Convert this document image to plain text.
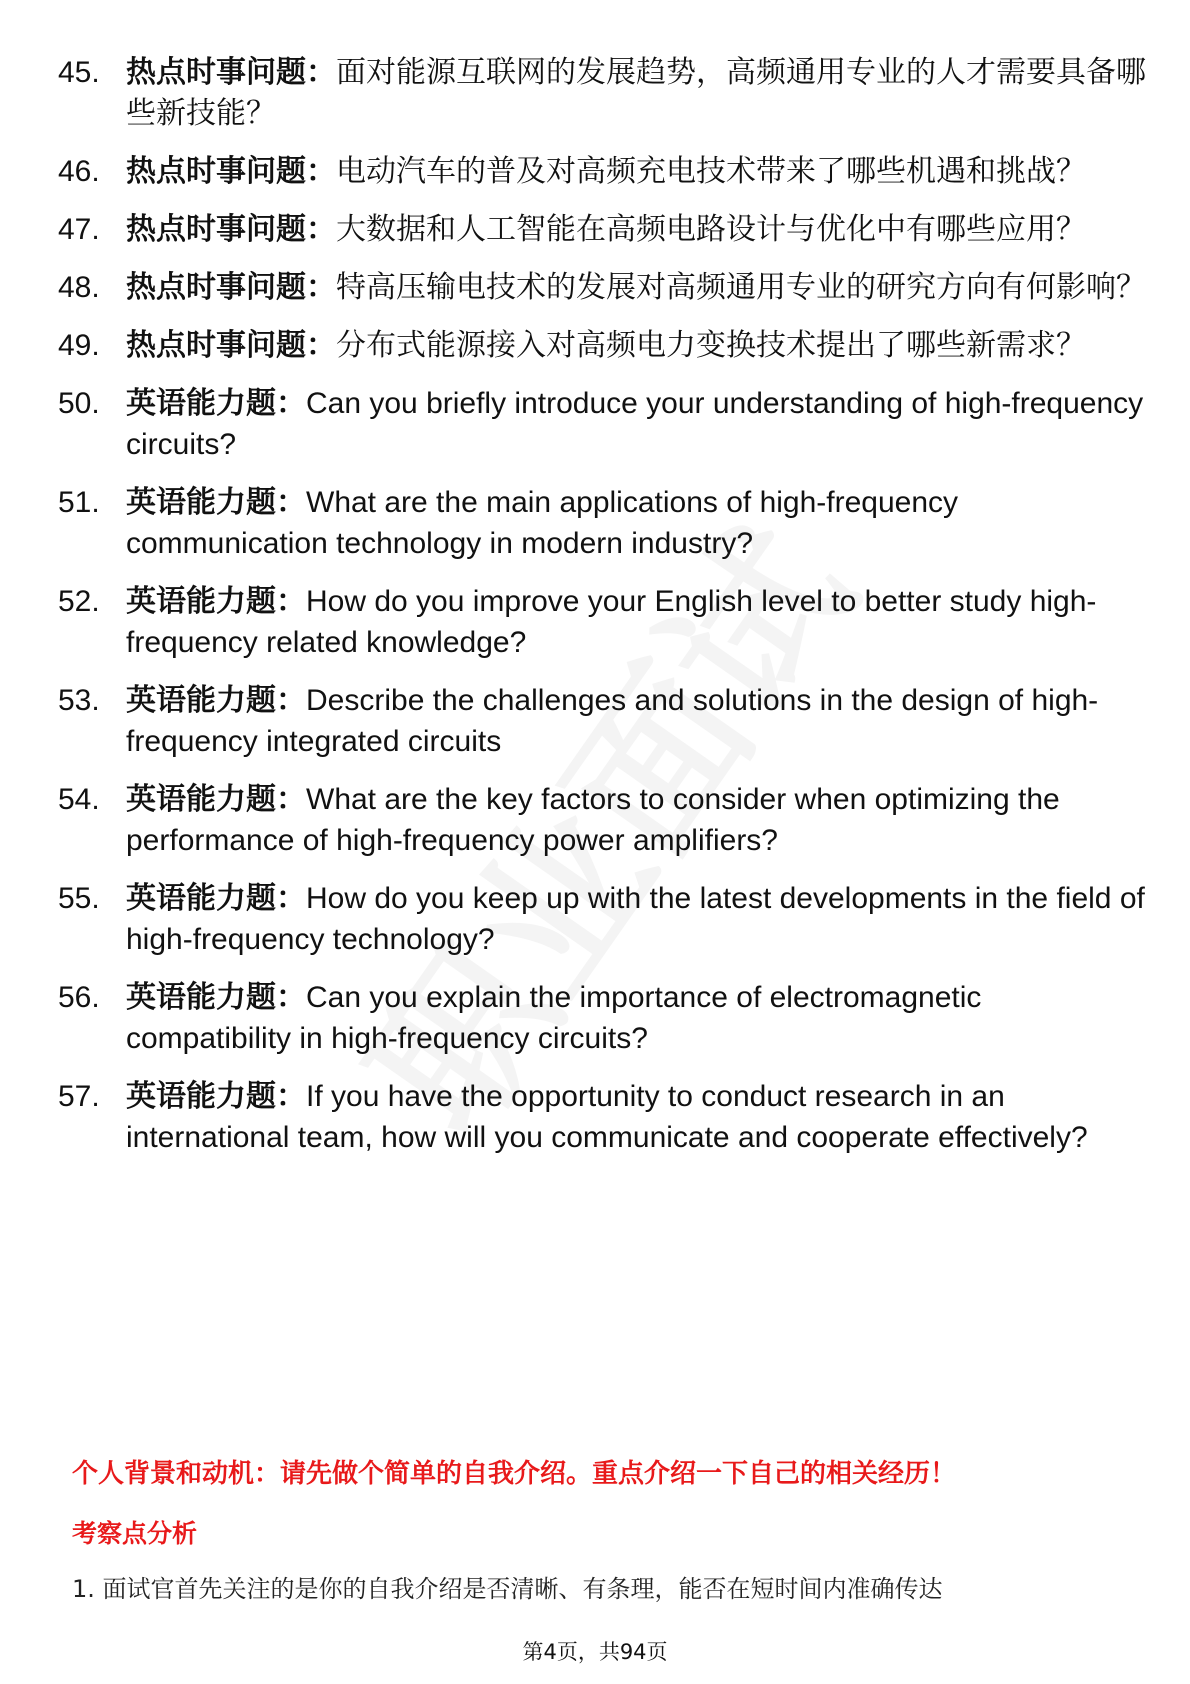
45. 热点时事问题：面对能源互联网的发展趋势，高频通用专业的人才需要具备哪些新技能？
46. 热点时事问题：电动汽车的普及对高频充电技术带来了哪些机遇和挑战？
47. 热点时事问题：大数据和人工智能在高频电路设计与优化中有哪些应用？
48. 热点时事问题：特高压输电技术的发展对高频通用专业的研究方向有何影响？
49. 热点时事问题：分布式能源接入对高频电力变换技术提出了哪些新需求？
50. 英语能力题：Can you briefly introduce your understanding of high-frequency circuits?
51. 英语能力题：What are the main applications of high-frequency communication technology in modern industry?
52. 英语能力题：How do you improve your English level to better study high-frequency related knowledge?
53. 英语能力题：Describe the challenges and solutions in the design of high-frequency integrated circuits
54. 英语能力题：What are the key factors to consider when optimizing the performance of high-frequency power amplifiers?
55. 英语能力题：How do you keep up with the latest developments in the field of high-frequency technology?
56. 英语能力题：Can you explain the importance of electromagnetic compatibility in high-frequency circuits?
57. 英语能力题：If you have the opportunity to conduct research in an international team, how will you communicate and cooperate effectively?
个人背景和动机：请先做个简单的自我介绍。重点介绍一下自己的相关经历！
考察点分析
1. 面试官首先关注的是你的自我介绍是否清晰、有条理，能否在短时间内准确传达
第4页，共94页
